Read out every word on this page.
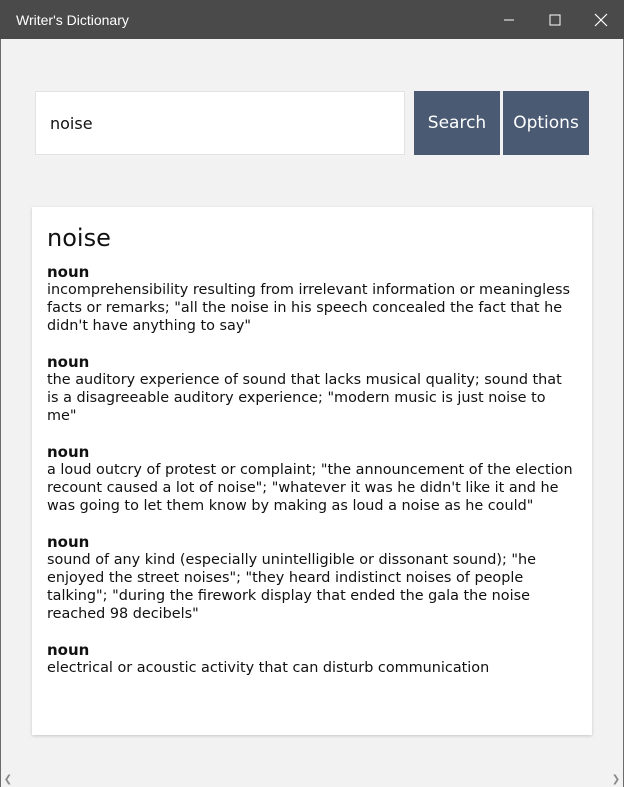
Writer's Dictionary
noise
Search	Options
noise
noun
incomprehensibility resulting from irrelevant information or meaningless facts or remarks; "all the noise in his speech concealed the fact that he didn't have anything to say"
noun
the auditory experience of sound that lacks musical quality; sound that is a disagreeable auditory experience; "modern music is just noise to me"
noun
a loud outcry of protest or complaint; "the announcement of the election recount caused a lot of noise"; "whatever it was he didn't like it and he was going to let them know by making as loud a noise as he could"
noun
sound of any kind (especially unintelligible or dissonant sound); "he enjoyed the street noises"; "they heard indistinct noises of people talking"; "during the firework display that ended the gala the noise reached 98 decibels"
noun
electrical or acoustic activity that can disturb communication
❮	❯
